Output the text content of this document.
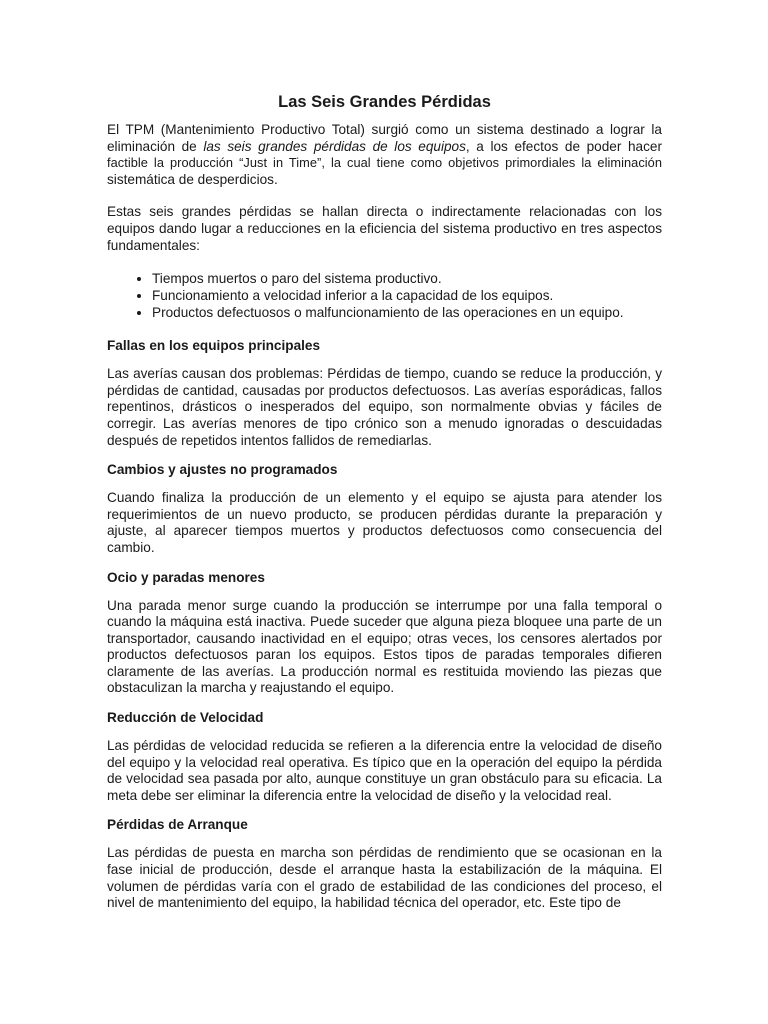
Las Seis Grandes Pérdidas

El TPM (Mantenimiento Productivo Total) surgió como un sistema destinado a lograr la eliminación de las seis grandes pérdidas de los equipos, a los efectos de poder hacer factible la producción “Just in Time”, la cual tiene como objetivos primordiales la eliminación sistemática de desperdicios.

Estas seis grandes pérdidas se hallan directa o indirectamente relacionadas con los equipos dando lugar a reducciones en la eficiencia del sistema productivo en tres aspectos fundamentales:

• Tiempos muertos o paro del sistema productivo.
• Funcionamiento a velocidad inferior a la capacidad de los equipos.
• Productos defectuosos o malfuncionamiento de las operaciones en un equipo.
Fallas en los equipos principales

Las averías causan dos problemas: Pérdidas de tiempo, cuando se reduce la producción, y pérdidas de cantidad, causadas por productos defectuosos. Las averías esporádicas, fallos repentinos, drásticos o inesperados del equipo, son normalmente obvias y fáciles de corregir. Las averías menores de tipo crónico son a menudo ignoradas o descuidadas después de repetidos intentos fallidos de remediarlas.

Cambios y ajustes no programados

Cuando finaliza la producción de un elemento y el equipo se ajusta para atender los requerimientos de un nuevo producto, se producen pérdidas durante la preparación y ajuste, al aparecer tiempos muertos y productos defectuosos como consecuencia del cambio.

Ocio y paradas menores

Una parada menor surge cuando la producción se interrumpe por una falla temporal o cuando la máquina está inactiva. Puede suceder que alguna pieza bloquee una parte de un transportador, causando inactividad en el equipo; otras veces, los censores alertados por productos defectuosos paran los equipos. Estos tipos de paradas temporales difieren claramente de las averías. La producción normal es restituida moviendo las piezas que obstaculizan la marcha y reajustando el equipo.

Reducción de Velocidad

Las pérdidas de velocidad reducida se refieren a la diferencia entre la velocidad de diseño del equipo y la velocidad real operativa. Es típico que en la operación del equipo la pérdida de velocidad sea pasada por alto, aunque constituye un gran obstáculo para su eficacia. La meta debe ser eliminar la diferencia entre la velocidad de diseño y la velocidad real.

Pérdidas de Arranque

Las pérdidas de puesta en marcha son pérdidas de rendimiento que se ocasionan en la fase inicial de producción, desde el arranque hasta la estabilización de la máquina. El volumen de pérdidas varía con el grado de estabilidad de las condiciones del proceso, el nivel de mantenimiento del equipo, la habilidad técnica del operador, etc. Este tipo de
